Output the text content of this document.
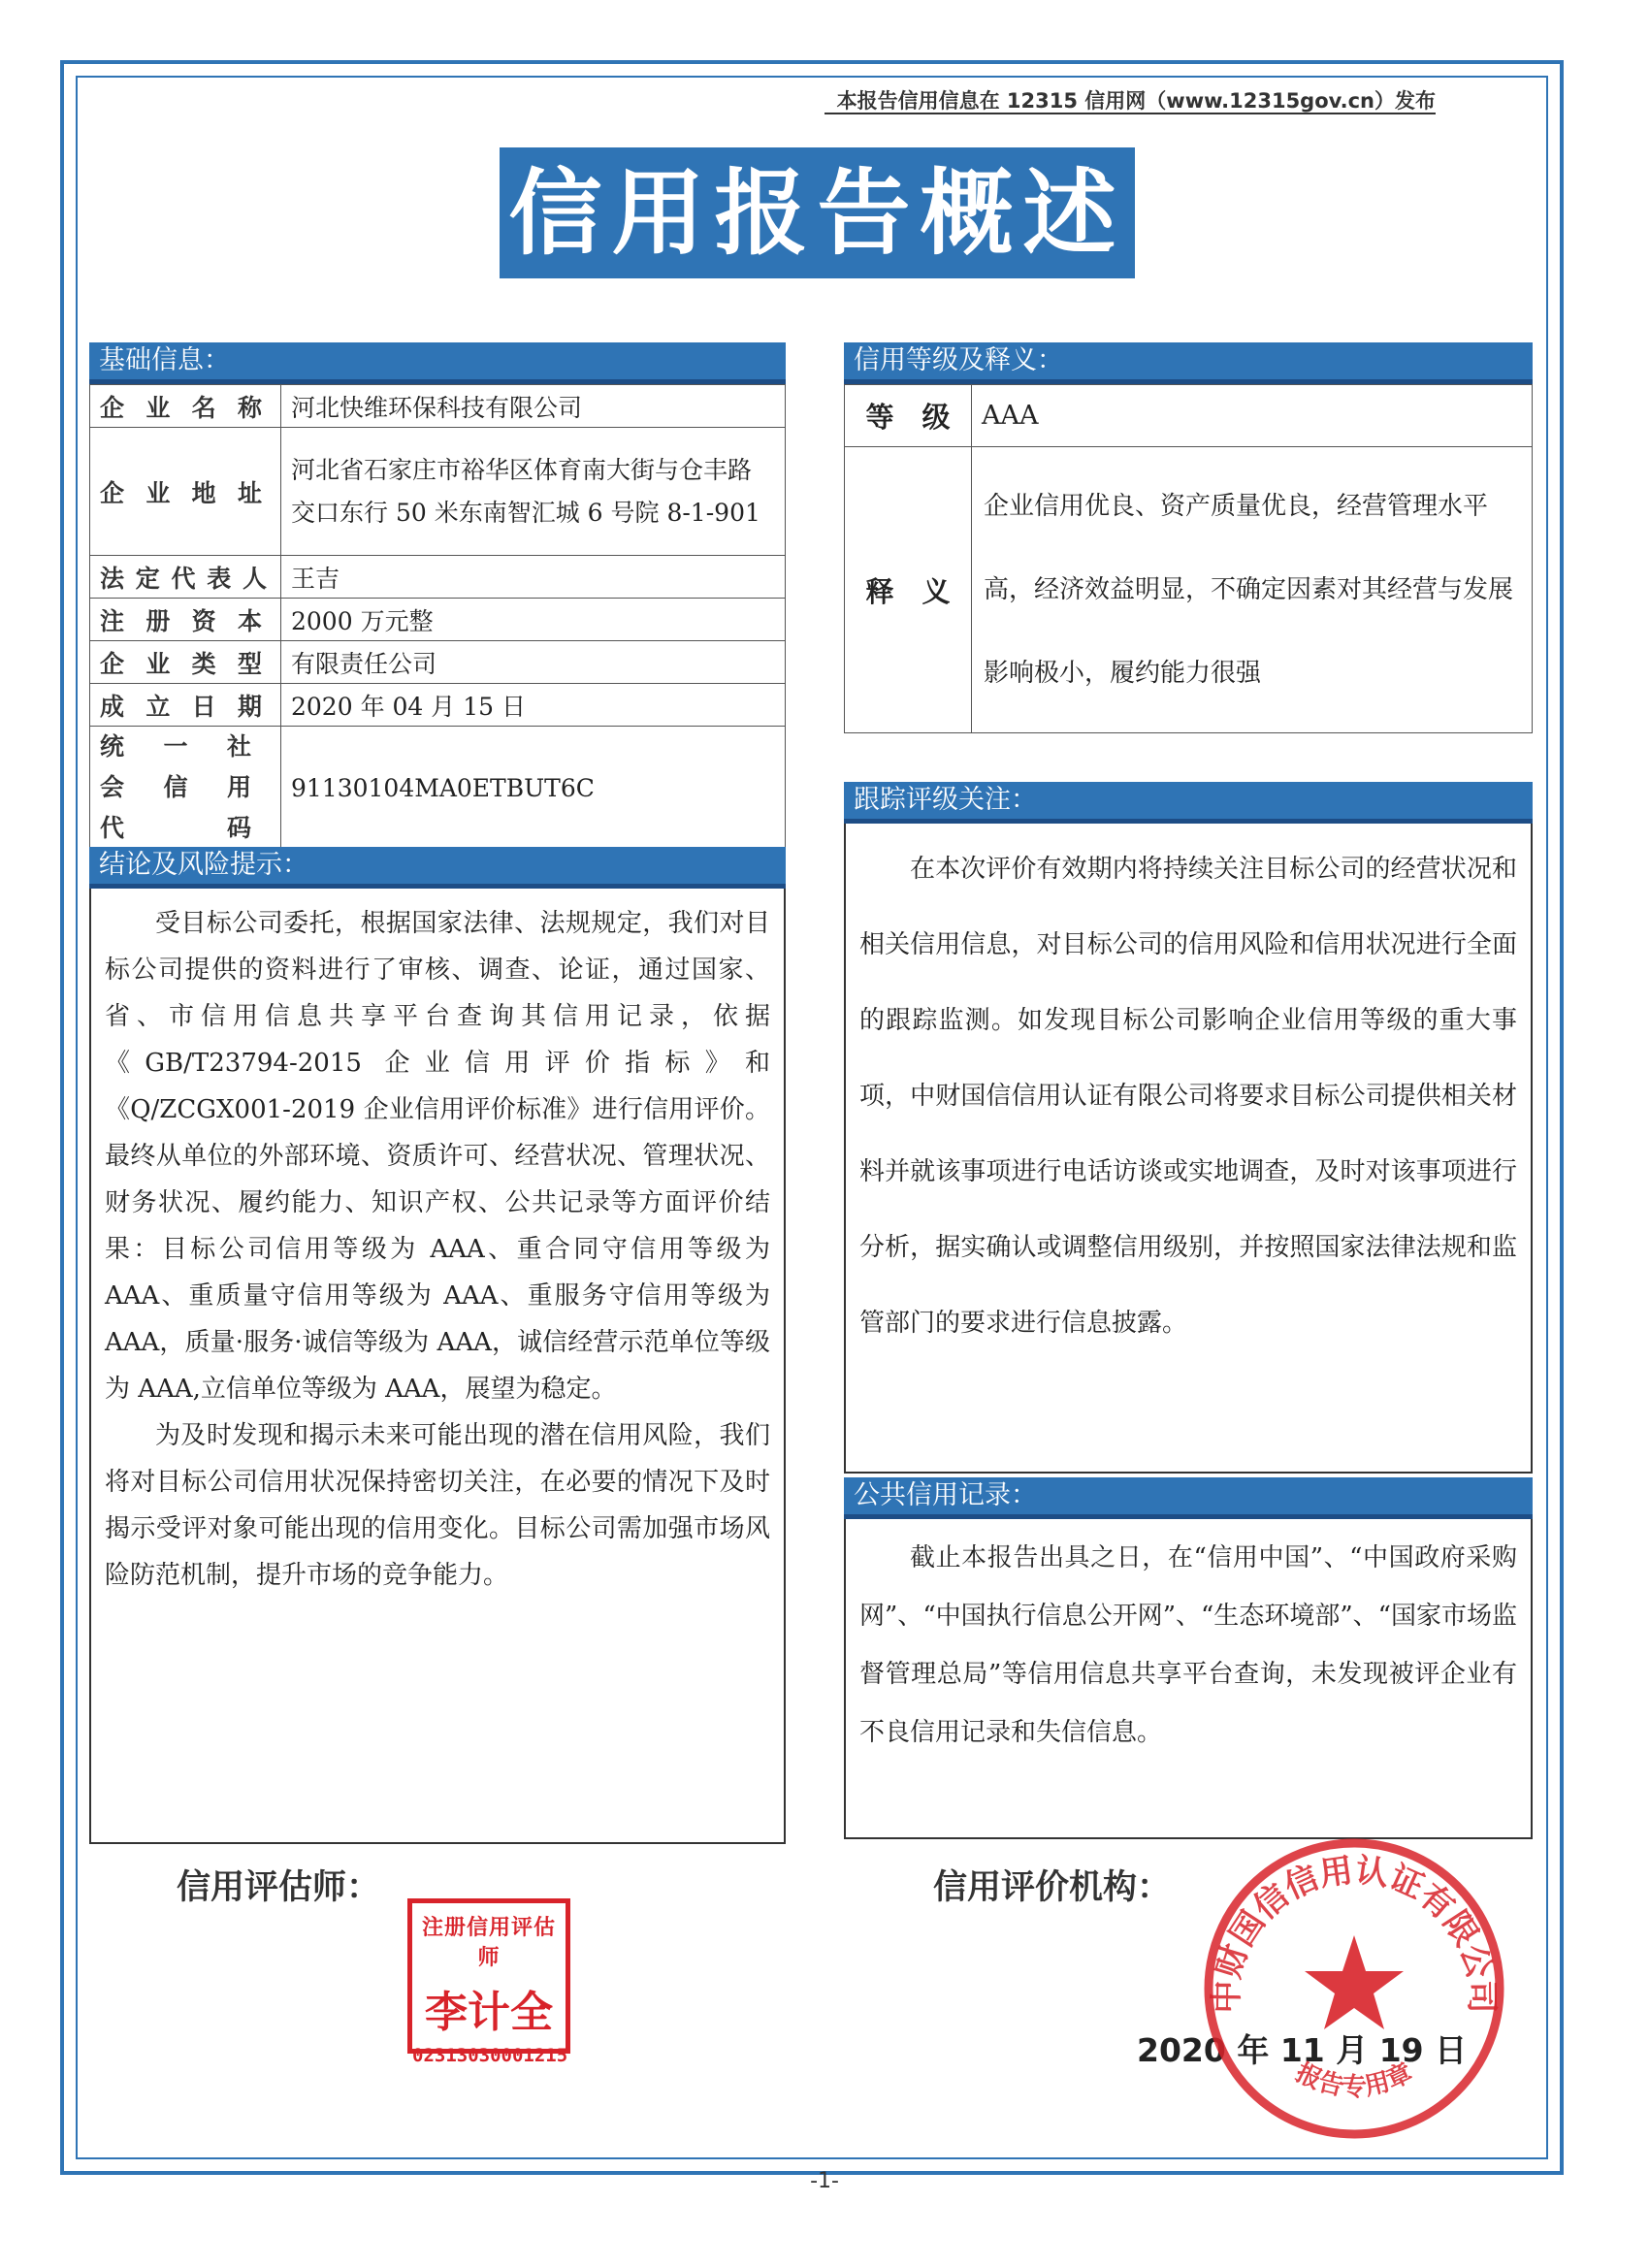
本报告信用信息在 12315 信用网（www.12315gov.cn）发布
信用报告概述
基础信息：
企业名称	河北快维环保科技有限公司
企业地址	河北省石家庄市裕华区体育南大街与仓丰路交口东行 50 米东南智汇城 6 号院 8-1-901
法定代表人	王吉
注册资本	2000 万元整
企业类型	有限责任公司
成立日期	2020 年 04 月 15 日
统一社会信用代码	91130104MA0ETBUT6C
结论及风险提示：

受目标公司委托，根据国家法律、法规规定，我们对目标公司提供的资料进行了审核、调查、论证，通过国家、省、市信用信息共享平台查询其信用记录，依据《GB/T23794-2015 企业信用评价指标》和《Q/ZCGX001-2019 企业信用评价标准》进行信用评价。最终从单位的外部环境、资质许可、经营状况、管理状况、财务状况、履约能力、知识产权、公共记录等方面评价结果：目标公司信用等级为 AAA、重合同守信用等级为 AAA、重质量守信用等级为 AAA、重服务守信用等级为 AAA，质量·服务·诚信等级为 AAA，诚信经营示范单位等级为 AAA,立信单位等级为 AAA，展望为稳定。

为及时发现和揭示未来可能出现的潜在信用风险，我们将对目标公司信用状况保持密切关注，在必要的情况下及时揭示受评对象可能出现的信用变化。目标公司需加强市场风险防范机制，提升市场的竞争能力。

信用等级及释义：
等　级	AAA
释　义	企业信用优良、资产质量优良，经营管理水平高，经济效益明显，不确定因素对其经营与发展影响极小，履约能力很强
跟踪评级关注：

在本次评价有效期内将持续关注目标公司的经营状况和相关信用信息，对目标公司的信用风险和信用状况进行全面的跟踪监测。如发现目标公司影响企业信用等级的重大事项，中财国信信用认证有限公司将要求目标公司提供相关材料并就该事项进行电话访谈或实地调查，及时对该事项进行分析，据实确认或调整信用级别，并按照国家法律法规和监管部门的要求进行信息披露。

公共信用记录：

截止本报告出具之日，在“信用中国”、“中国政府采购网”、“中国执行信息公开网”、“生态环境部”、“国家市场监督管理总局”等信用信息共享平台查询，未发现被评企业有不良信用记录和失信信息。

信用评估师：	信用评价机构：
注册信用评估师
李计全
02313030001215	2020 年 11 月 19 日
中财国信信用认证有限公司
报告专用章
-1-
